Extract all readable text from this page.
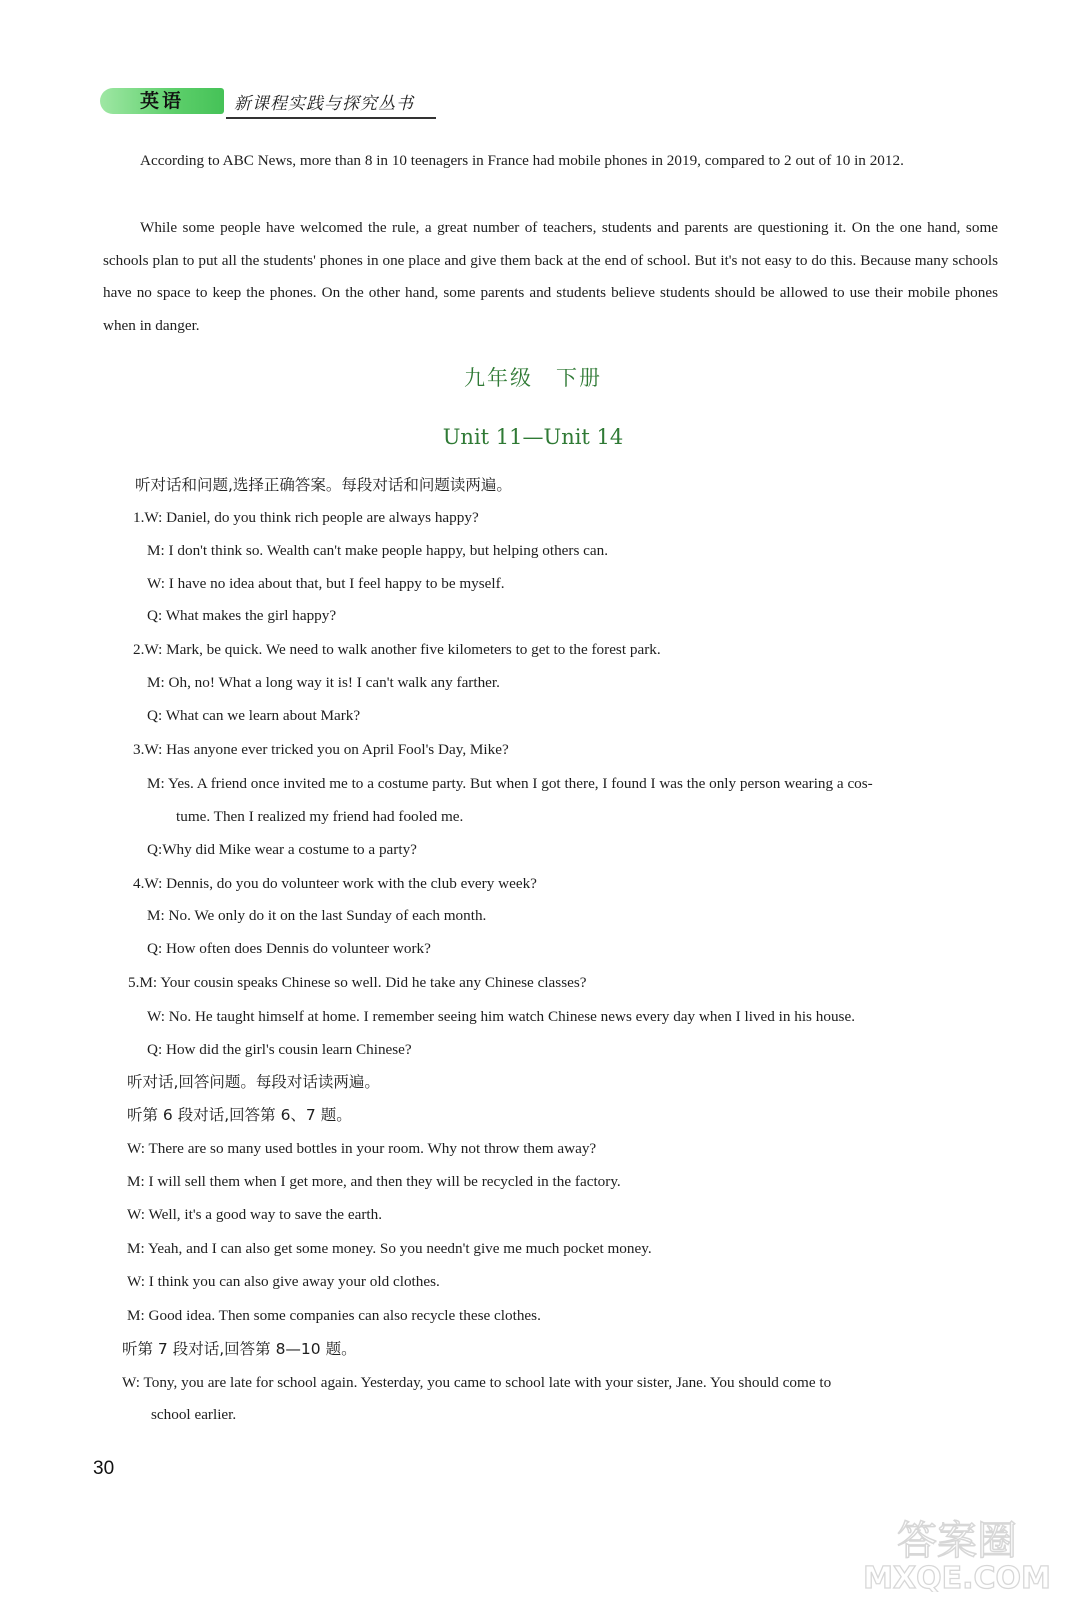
英语	新课程实践与探究丛书

According to ABC News, more than 8 in 10 teenagers in France had mobile phones in 2019, compared to 2 out of 10 in 2012.

While some people have welcomed the rule, a great number of teachers, students and parents are questioning it. On the one hand, some schools plan to put all the students' phones in one place and give them back at the end of school. But it's not easy to do this. Because many schools have no space to keep the phones. On the other hand, some parents and students believe students should be allowed to use their mobile phones when in danger.

九年级　下册
Unit 11—Unit 14
听对话和问题,选择正确答案。每段对话和问题读两遍。
1.W: Daniel, do you think rich people are always happy?
M: I don't think so. Wealth can't make people happy, but helping others can.
W: I have no idea about that, but I feel happy to be myself.
Q: What makes the girl happy?
2.W: Mark, be quick. We need to walk another five kilometers to get to the forest park.
M: Oh, no! What a long way it is! I can't walk any farther.
Q: What can we learn about Mark?
3.W: Has anyone ever tricked you on April Fool's Day, Mike?
M: Yes. A friend once invited me to a costume party. But when I got there, I found I was the only person wearing a cos-
tume. Then I realized my friend had fooled me.
Q:Why did Mike wear a costume to a party?
4.W: Dennis, do you do volunteer work with the club every week?
M: No. We only do it on the last Sunday of each month.
Q: How often does Dennis do volunteer work?
5.M: Your cousin speaks Chinese so well. Did he take any Chinese classes?
W: No. He taught himself at home. I remember seeing him watch Chinese news every day when I lived in his house.
Q: How did the girl's cousin learn Chinese?
听对话,回答问题。每段对话读两遍。
听第 6 段对话,回答第 6、7 题。
W: There are so many used bottles in your room. Why not throw them away?
M: I will sell them when I get more, and then they will be recycled in the factory.
W: Well, it's a good way to save the earth.
M: Yeah, and I can also get some money. So you needn't give me much pocket money.
W: I think you can also give away your old clothes.
M: Good idea. Then some companies can also recycle these clothes.
听第 7 段对话,回答第 8—10 题。
W: Tony, you are late for school again. Yesterday, you came to school late with your sister, Jane. You should come to
school earlier.
30
答案圈
MXQE.COM
